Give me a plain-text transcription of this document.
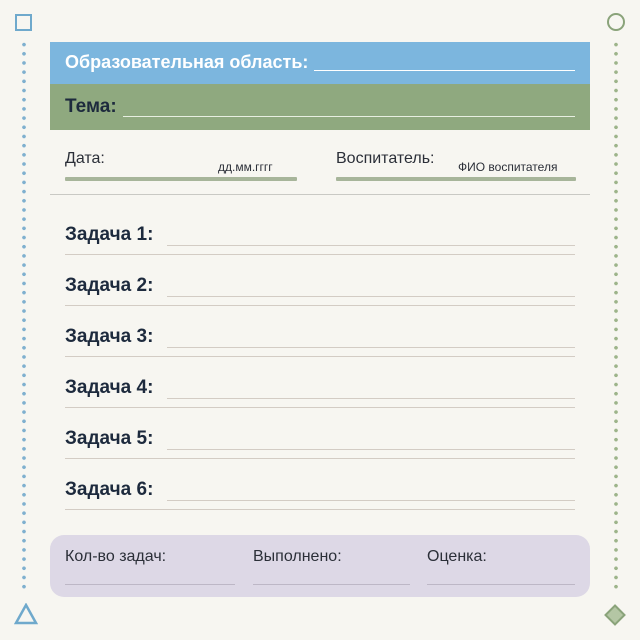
Образовательная область:
Тема:
Дата:	дд.мм.гггг	Воспитатель: ФИО воспитателя
Задача 1:
Задача 2:
Задача 3:
Задача 4:
Задача 5:
Задача 6:
Кол-во задач:	Выполнено:	Оценка:
